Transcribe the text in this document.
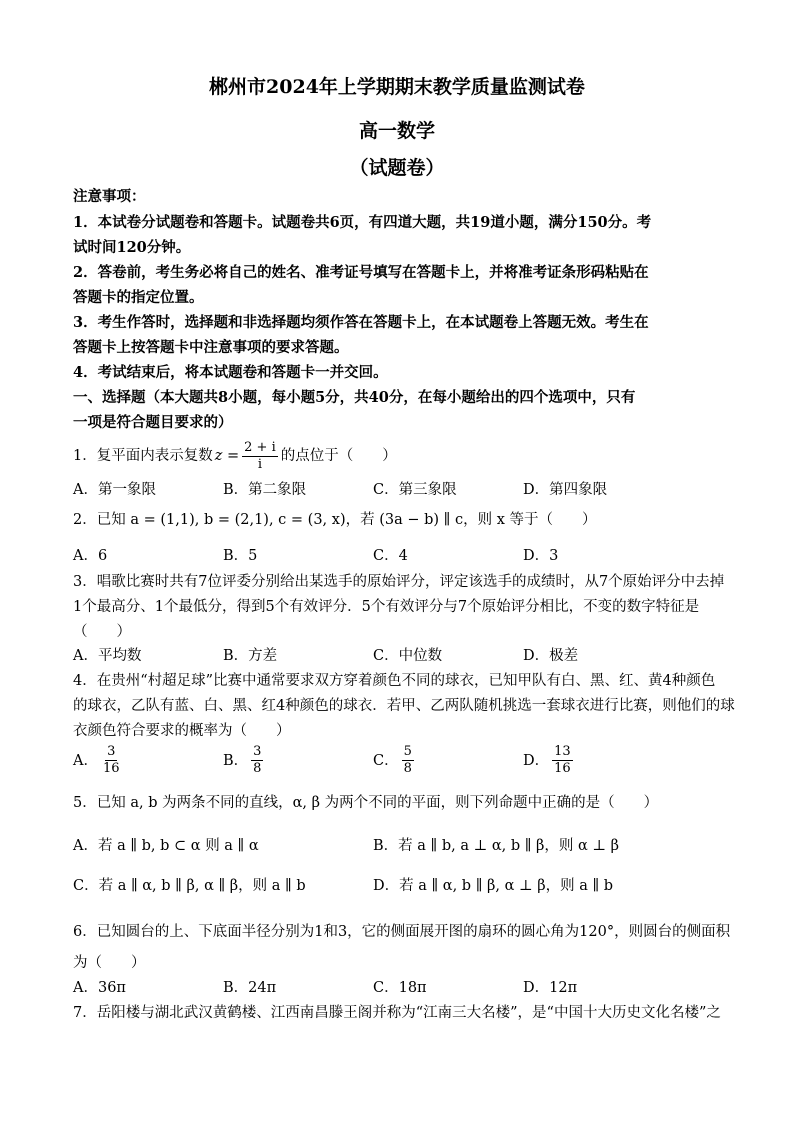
郴州市2024年上学期期末教学质量监测试卷
高一数学
（试题卷）
注意事项：
1．本试卷分试题卷和答题卡。试题卷共6页，有四道大题，共19道小题，满分150分。考
试时间120分钟。
2．答卷前，考生务必将自己的姓名、准考证号填写在答题卡上，并将准考证条形码粘贴在
答题卡的指定位置。
3．考生作答时，选择题和非选择题均须作答在答题卡上，在本试题卷上答题无效。考生在
答题卡上按答题卡中注意事项的要求答题。
4．考试结束后，将本试题卷和答题卡一并交回。
一、选择题（本大题共8小题，每小题5分，共40分，在每小题给出的四个选项中，只有
一项是符合题目要求的）
1．复平面内表示复数 $z = \frac{2 + i}{i}$ 的点位于（　　）
A．第一象限	B．第二象限	C．第三象限	D．第四象限
2．已知 a = (1,1), b = (2,1), c = (3, x)，若 (3a − b) ∥ c，则 x 等于（　　）
A．6	B．5	C．4	D．3
3．唱歌比赛时共有7位评委分别给出某选手的原始评分，评定该选手的成绩时，从7个原始评分中去掉
1个最高分、1个最低分，得到5个有效评分．5个有效评分与7个原始评分相比，不变的数字特征是
（　　）
A．平均数	B．方差	C．中位数	D．极差
4．在贵州“村超足球”比赛中通常要求双方穿着颜色不同的球衣，已知甲队有白、黑、红、黄4种颜色
的球衣，乙队有蓝、白、黑、红4种颜色的球衣．若甲、乙两队随机挑选一套球衣进行比赛，则他们的球
衣颜色符合要求的概率为（　　）
A． $\frac{3}{16}$	B． $\frac{3}{8}$	C． $\frac{5}{8}$	D． $\frac{13}{16}$
5．已知 a, b 为两条不同的直线，α, β 为两个不同的平面，则下列命题中正确的是（　　）
A．若 a ∥ b, b ⊂ α 则 a ∥ α	B．若 a ∥ b, a ⊥ α, b ∥ β，则 α ⊥ β
C．若 a ∥ α, b ∥ β, α ∥ β，则 a ∥ b	D．若 a ∥ α, b ∥ β, α ⊥ β，则 a ∥ b
6．已知圆台的上、下底面半径分别为1和3，它的侧面展开图的扇环的圆心角为120°，则圆台的侧面积
为（　　）
A．36π	B．24π	C．18π	D．12π
7．岳阳楼与湖北武汉黄鹤楼、江西南昌滕王阁并称为“江南三大名楼”，是“中国十大历史文化名楼”之
